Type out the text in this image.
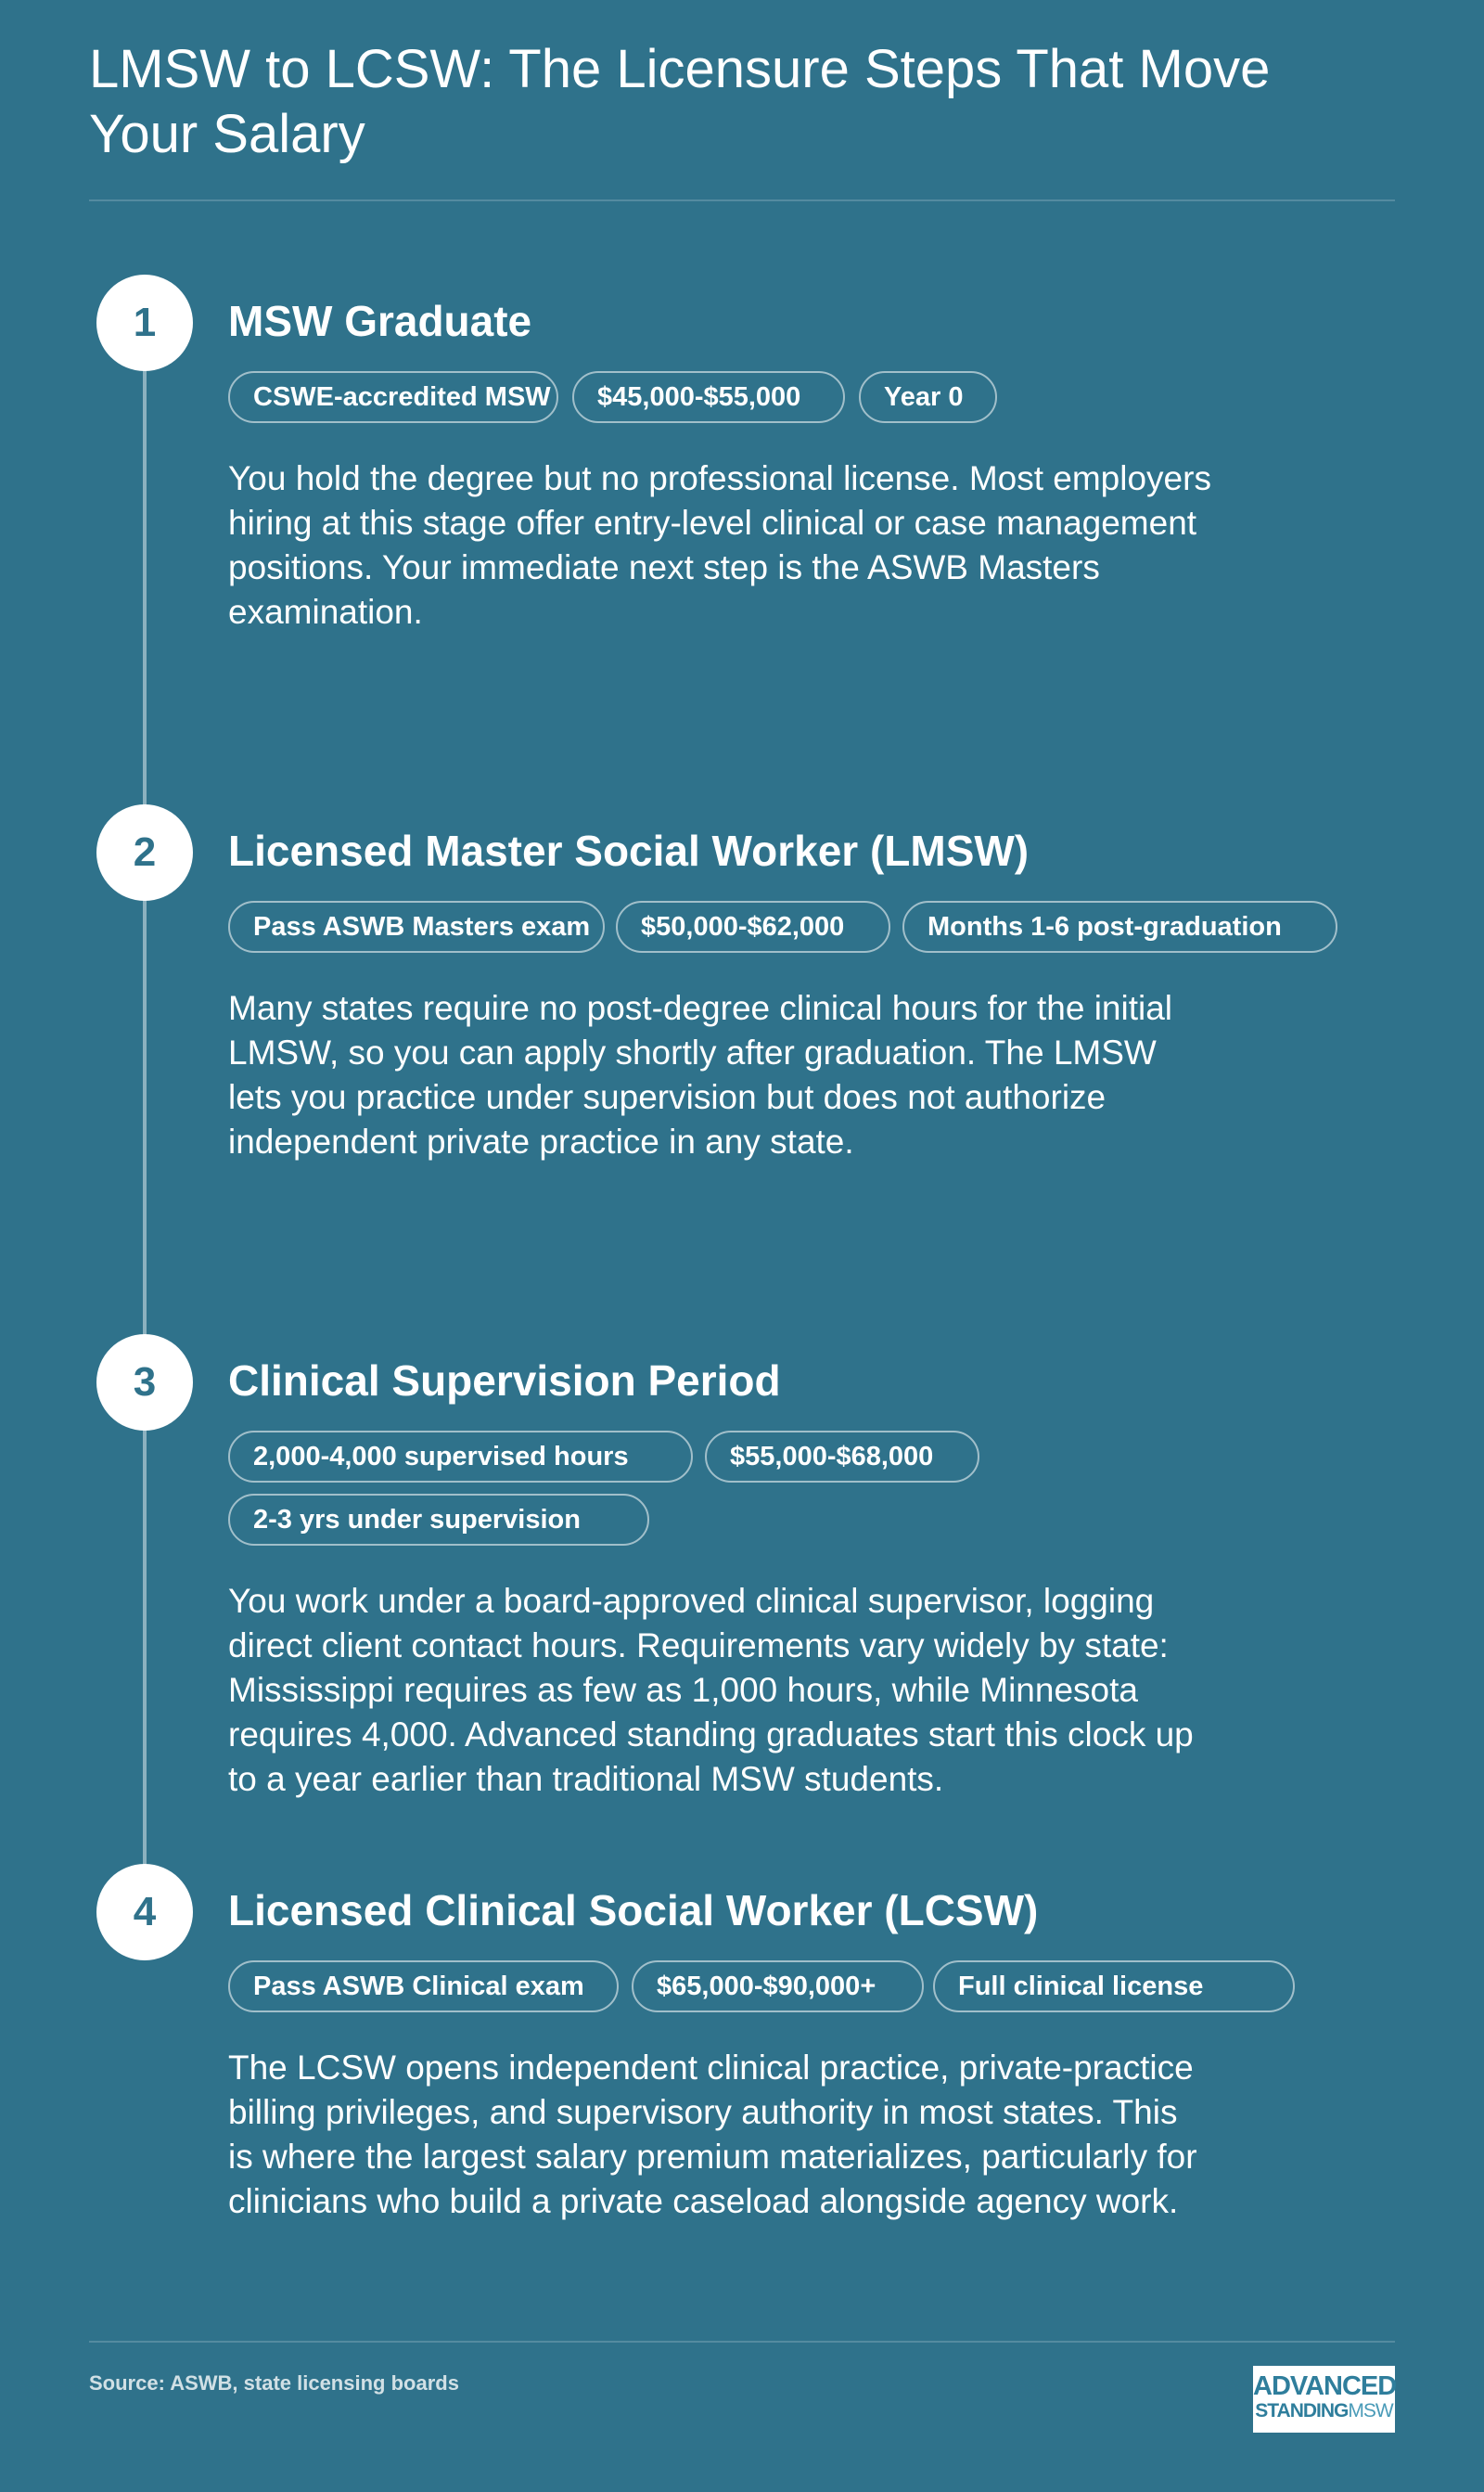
LMSW to LCSW: The Licensure Steps That Move Your Salary
1	MSW Graduate
CSWE-accredited MSW	$45,000-$55,000	Year 0

You hold the degree but no professional license. Most employers hiring at this stage offer entry-level clinical or case management positions. Your immediate next step is the ASWB Masters examination.

2	Licensed Master Social Worker (LMSW)
Pass ASWB Masters exam	$50,000-$62,000	Months 1-6 post-graduation

Many states require no post-degree clinical hours for the initial LMSW, so you can apply shortly after graduation. The LMSW lets you practice under supervision but does not authorize independent private practice in any state.

3	Clinical Supervision Period
2,000-4,000 supervised hours	$55,000-$68,000
2-3 yrs under supervision

You work under a board-approved clinical supervisor, logging direct client contact hours. Requirements vary widely by state: Mississippi requires as few as 1,000 hours, while Minnesota requires 4,000. Advanced standing graduates start this clock up to a year earlier than traditional MSW students.

4	Licensed Clinical Social Worker (LCSW)
Pass ASWB Clinical exam	$65,000-$90,000+	Full clinical license

The LCSW opens independent clinical practice, private-practice billing privileges, and supervisory authority in most states. This is where the largest salary premium materializes, particularly for clinicians who build a private caseload alongside agency work.

Source: ASWB, state licensing boards	ADVANCED
STANDINGMSW
